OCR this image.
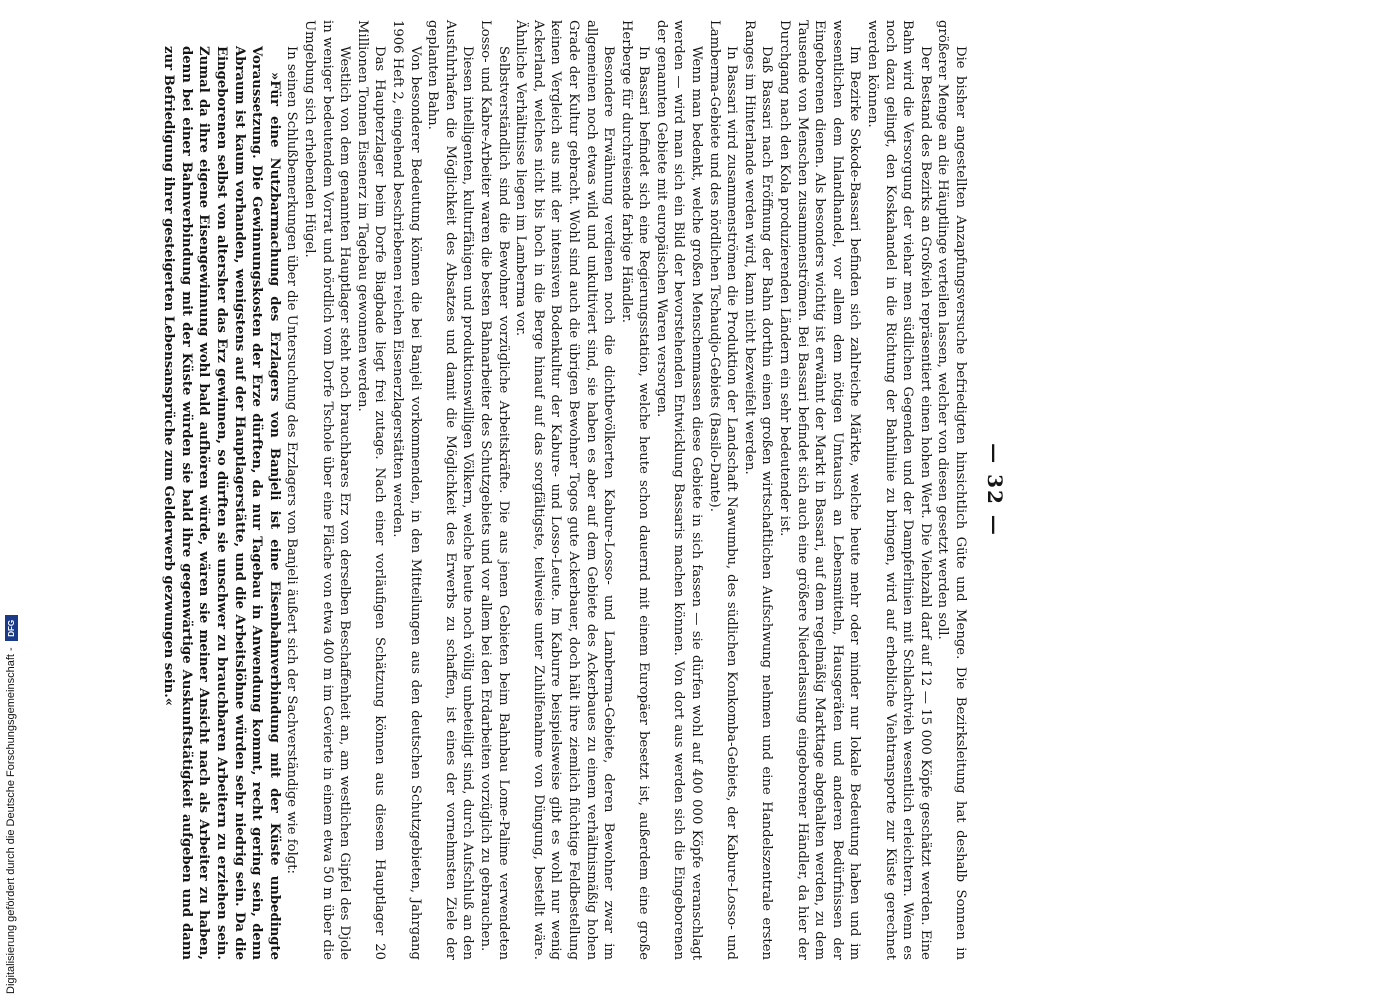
— 32 —

Die bisher angestellten Anzapfungsversuche befriedigten hinsichtlich Güte und Menge. Die Bezirksleitung hat deshalb Sonnen in größerer Menge an die Häuptlinge verteilen lassen, welcher von diesen gesetzt werden soll.

Der Bestand des Bezirks an Großvieh repräsentiert einen hohen Wert. Die Viehzahl darf auf 12 — 15 000 Köpfe geschätzt werden. Eine Bahn wird die Versorgung der viehar men südlichen Gegenden und der Dampferlinien mit Schlachtvieh wesentlich erleichtern. Wenn es noch dazu gelingt, den Koskahandel in die Richtung der Bahnlinie zu bringen, wird auf erhebliche Viehtransporte zur Küste gerechnet werden können.

Im Bezirke Sokode-Bassari befinden sich zahlreiche Märkte, welche heute mehr oder minder nur lokale Bedeutung haben und im wesentlichen dem Inlandhandel, vor allem dem nötigen Umtausch an Lebensmitteln, Hausgeräten und anderen Bedürfnissen der Eingeborenen dienen. Als besonders wichtig ist erwähnt der Markt in Bassari, auf dem regelmäßig Markttage abgehalten werden, zu dem Tausende von Menschen zusammenströmen. Bei Bassari befindet sich auch eine größere Niederlassung eingeborener Händler, da hier der Durchgang nach den Kola produzierenden Ländern ein sehr bedeutender ist.

Daß Bassari nach Eröffnung der Bahn dorthin einen großen wirtschaftlichen Aufschwung nehmen und eine Handelszentrale ersten Ranges im Hinterlande werden wird, kann nicht bezweifelt werden.

In Bassari wird zusammenströmen die Produktion der Landschaft Nawumbu, des südlichen Konkomba-Gebiets, der Kabure-Losso- und Lamberma-Gebiete und des nördlichen Tschaudjo-Gebiets (Basilo-Dante).

Wenn man bedenkt, welche großen Menschenmassen diese Gebiete in sich fassen — sie dürfen wohl auf 400 000 Köpfe veranschlagt werden — wird man sich ein Bild der bevorstehenden Entwicklung Bassaris machen können. Von dort aus werden sich die Eingeborenen der genannten Gebiete mit europäischen Waren versorgen.

In Bassari befindet sich eine Regierungsstation, welche heute schon dauernd mit einem Europäer besetzt ist, außerdem eine große Herberge für durchreisende farbige Händler.

Besondere Erwähnung verdienen noch die dichtbevölkerten Kabure-Losso- und Lamberma-Gebiete, deren Bewohner zwar im allgemeinen noch etwas wild und unkultiviert sind, sie haben es aber auf dem Gebiete des Ackerbaues zu einem verhältnismäßig hohen Grade der Kultur gebracht. Wohl sind auch die übrigen Bewohner Togos gute Ackerbauer, doch hält ihre ziemlich flüchtige Feldbestellung keinen Vergleich aus mit der intensiven Bodenkultur der Kabure- und Losso-Leute. Im Kaburre beispielsweise gibt es wohl nur wenig Ackerland, welches nicht bis hoch in die Berge hinauf auf das sorgfältigste, teilweise unter Zuhilfenahme von Düngung, bestellt wäre. Ähnliche Verhältnisse liegen im Lamberma vor.

Selbstverständlich sind die Bewohner vorzügliche Arbeitskräfte. Die aus jenen Gebieten beim Bahnbau Lome-Palime verwendeten Losso- und Kabre-Arbeiter waren die besten Bahnarbeiter des Schutzgebiets und vor allem bei den Erdarbeiten vorzüglich zu gebrauchen.

Diesen intelligenten, kulturfähigen und produktionswilligen Völkern, welche heute noch völlig unbeteiligt sind, durch Aufschluß an den Ausfuhrhafen die Möglichkeit des Absatzes und damit die Möglichkeit des Erwerbs zu schaffen, ist eines der vornehmsten Ziele der geplanten Bahn.

Von besonderer Bedeutung können die bei Banjeli vorkommenden, in den Mitteilungen aus den deutschen Schutzgebieten, Jahrgang 1906 Heft 2, eingehend beschriebenen reichen Eisenerzlagerstätten werden.

Das Haupterzlager beim Dorfe Biagbade liegt frei zutage. Nach einer vorläufigen Schätzung können aus diesem Hauptlager 20 Millionen Tonnen Eisenerz im Tagebau gewonnen werden.

Westlich von dem genannten Hauptlager steht noch brauchbares Erz von derselben Beschaffenheit an, am westlichen Gipfel des Djole in weniger bedeutendem Vorrat und nördlich vom Dorfe Tschole über eine Fläche von etwa 400 m im Gevierte in einem etwa 50 m über die Umgebung sich erhebenden Hügel.

In seinen Schlußbemerkungen über die Untersuchung des Erzlagers von Banjeli äußert sich der Sachverständige wie folgt:

»Für eine Nutzbarmachung des Erzlagers von Banjeli ist eine Eisenbahnverbindung mit der Küste unbedingte Voraussetzung. Die Gewinnungskosten der Erze dürften, da nur Tagebau in Anwendung kommt, recht gering sein, denn Abraum ist kaum vorhanden, wenigstens auf der Hauptlagerstätte, und die Arbeitslöhne würden sehr niedrig sein. Da die Eingeborenen selbst von altersher das Erz gewinnen, so dürften sie unschwer zu brauchbaren Arbeitern zu erziehen sein. Zumal da ihre eigene Eisengewinnung wohl bald aufhören würde, wären sie meiner Ansicht nach als Arbeiter zu haben, denn bei einer Bahnverbindung mit der Küste würden sie bald ihre gegenwärtige Auskunftstätigkeit aufgeben und dann zur Befriedigung ihrer gesteigerten Lebensansprüche zum Gelderwerb gezwungen sein.«

Digitalisierung gefördert durch die Deutsche Forschungsgemeinschaft -
DFG
